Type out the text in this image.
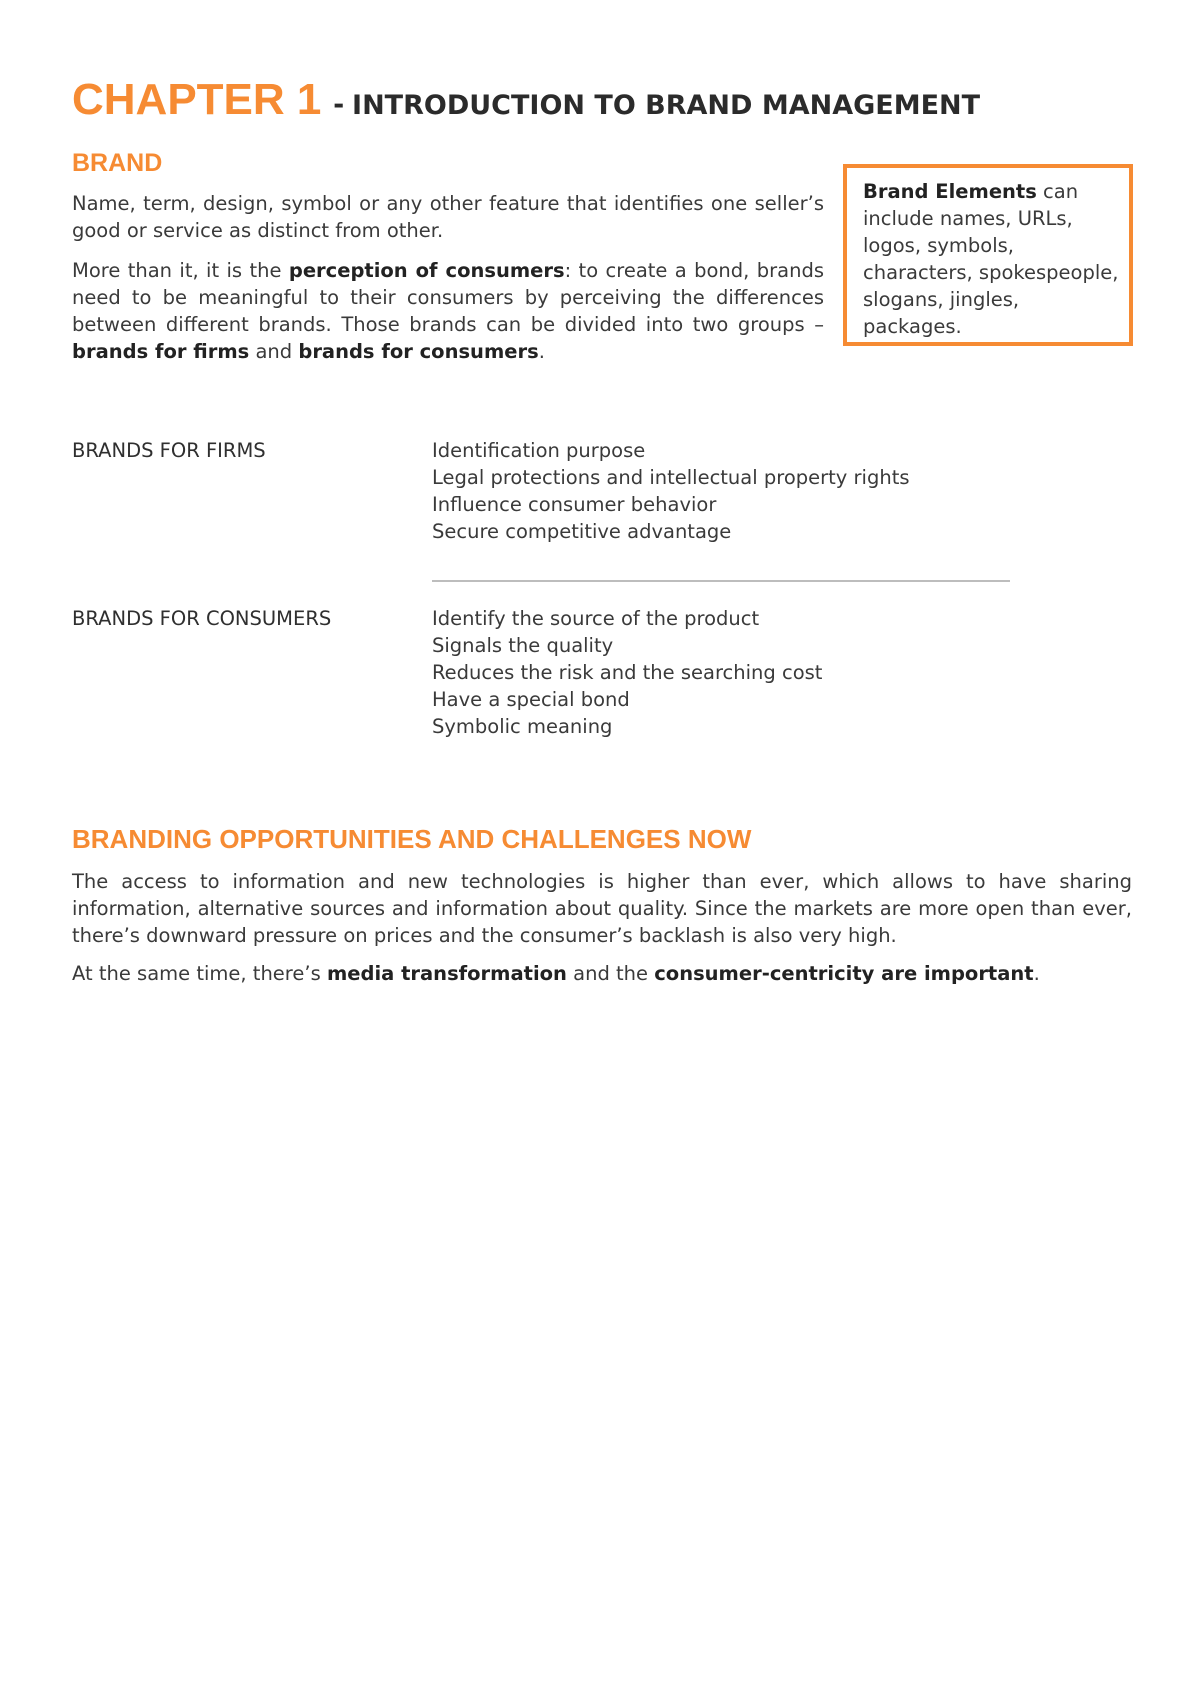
CHAPTER 1 - INTRODUCTION TO BRAND MANAGEMENT
BRAND

Name, term, design, symbol or any other feature that identifies one seller’s good or service as distinct from other.

More than it, it is the perception of consumers: to create a bond, brands need to be meaningful to their consumers by perceiving the differences between different brands. Those brands can be divided into two groups – brands for firms and brands for consumers.

Brand Elements can include names, URLs, logos, symbols, characters, spokespeople, slogans, jingles, packages.
BRANDS FOR FIRMS	Identification purpose
Legal protections and intellectual property rights
Influence consumer behavior
Secure competitive advantage
BRANDS FOR CONSUMERS	Identify the source of the product
Signals the quality
Reduces the risk and the searching cost
Have a special bond
Symbolic meaning
BRANDING OPPORTUNITIES AND CHALLENGES NOW

The access to information and new technologies is higher than ever, which allows to have sharing information, alternative sources and information about quality. Since the markets are more open than ever, there’s downward pressure on prices and the consumer’s backlash is also very high.

At the same time, there’s media transformation and the consumer-centricity are important.
